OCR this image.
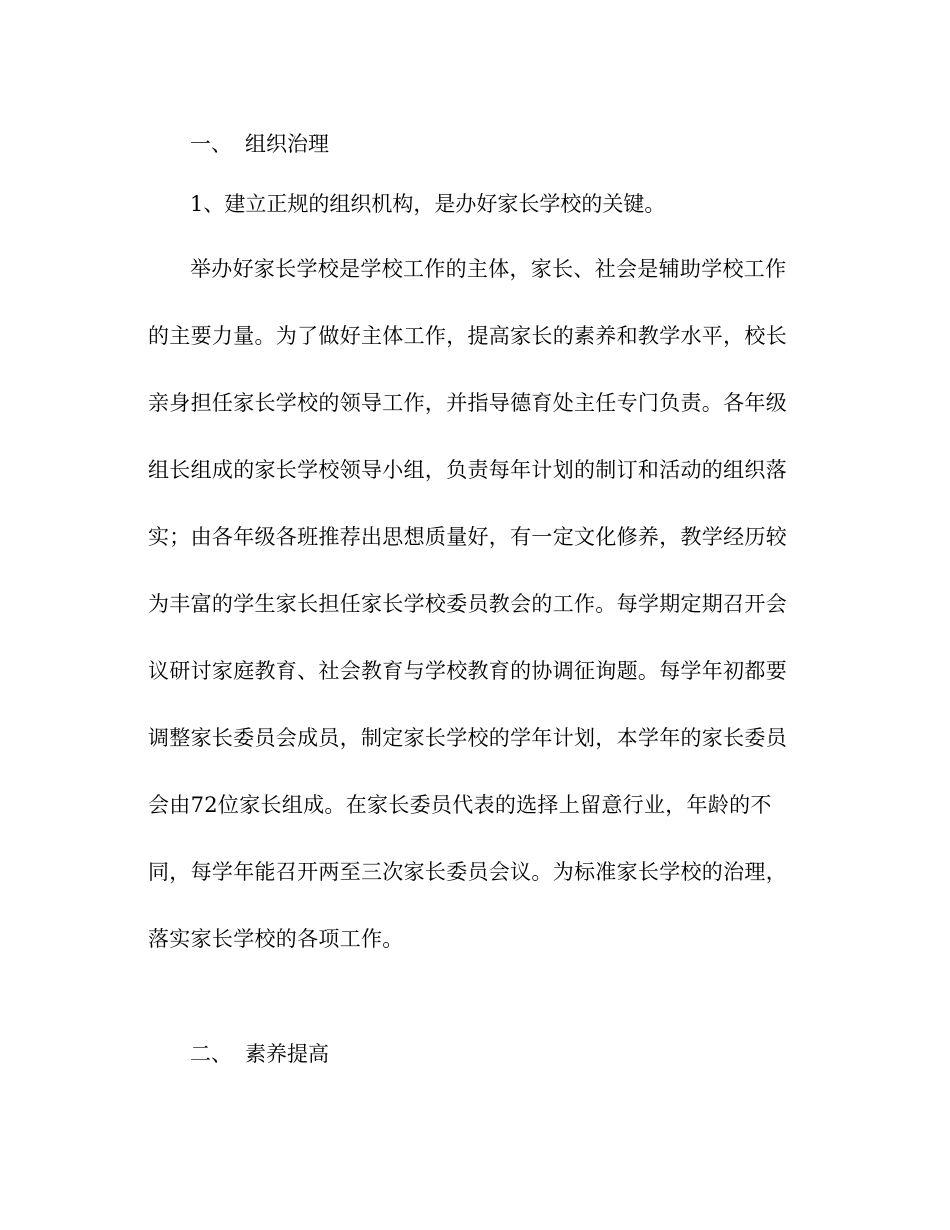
一、 组织治理
1、建立正规的组织机构，是办好家长学校的关键。
举办好家长学校是学校工作的主体，家长、社会是辅助学校工作
的主要力量。为了做好主体工作，提高家长的素养和教学水平，校长
亲身担任家长学校的领导工作，并指导德育处主任专门负责。各年级
组长组成的家长学校领导小组，负责每年计划的制订和活动的组织落
实；由各年级各班推荐出思想质量好，有一定文化修养，教学经历较
为丰富的学生家长担任家长学校委员教会的工作。每学期定期召开会
议研讨家庭教育、社会教育与学校教育的协调征询题。每学年初都要
调整家长委员会成员，制定家长学校的学年计划，本学年的家长委员
会由72位家长组成。在家长委员代表的选择上留意行业，年龄的不
同，每学年能召开两至三次家长委员会议。为标准家长学校的治理，
落实家长学校的各项工作。
二、 素养提高
